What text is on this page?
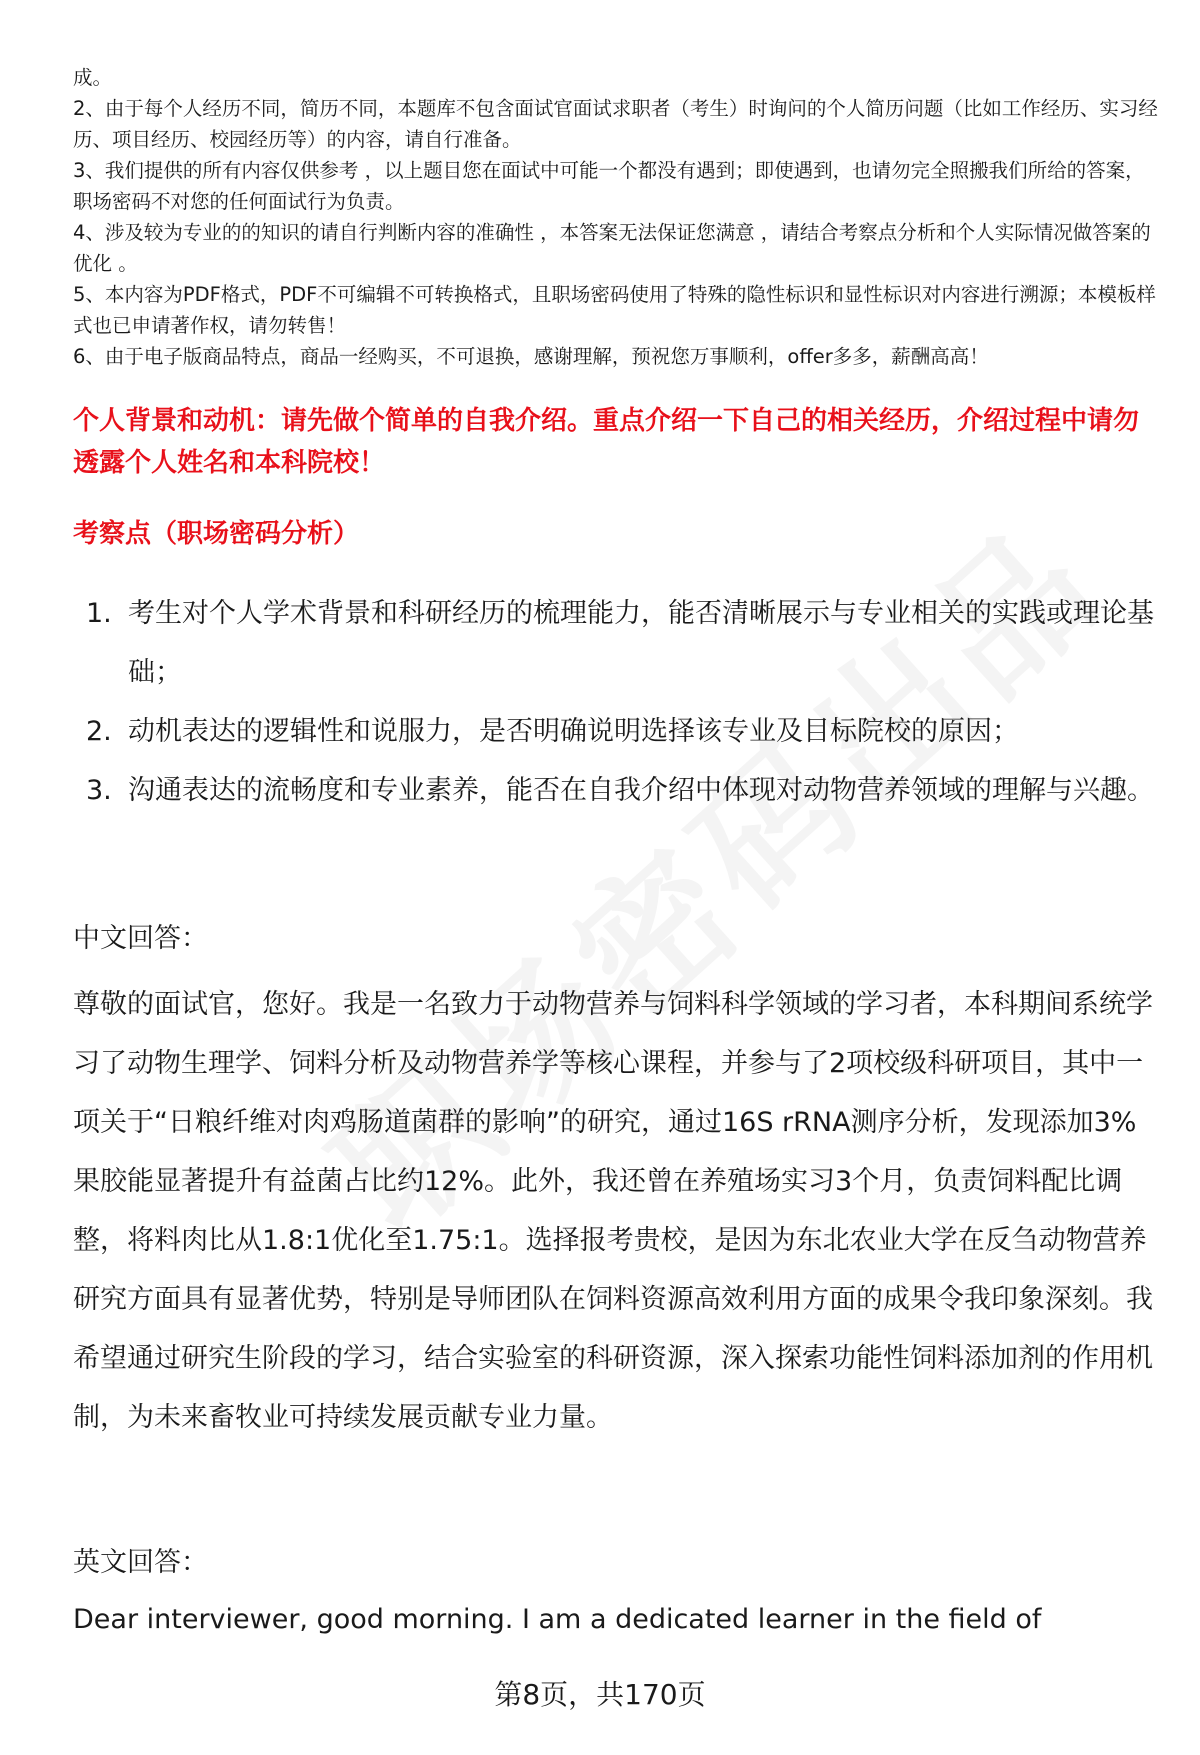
成。

2、由于每个人经历不同，简历不同，本题库不包含面试官面试求职者（考生）时询问的个人简历问题（比如工作经历、实习经历、项目经历、校园经历等）的内容，请自行准备。

3、我们提供的所有内容仅供参考 ，以上题目您在面试中可能一个都没有遇到；即使遇到，也请勿完全照搬我们所给的答案，职场密码不对您的任何面试行为负责。

4、涉及较为专业的的知识的请自行判断内容的准确性 ，本答案无法保证您满意 ，请结合考察点分析和个人实际情况做答案的优化 。

5、本内容为PDF格式，PDF不可编辑不可转换格式，且职场密码使用了特殊的隐性标识和显性标识对内容进行溯源；本模板样式也已申请著作权，请勿转售！

6、由于电子版商品特点，商品一经购买，不可退换，感谢理解，预祝您万事顺利，offer多多，薪酬高高！

个人背景和动机：请先做个简单的自我介绍。重点介绍一下自己的相关经历，介绍过程中请勿透露个人姓名和本科院校！
考察点（职场密码分析）
1. 考生对个人学术背景和科研经历的梳理能力，能否清晰展示与专业相关的实践或理论基础；
2. 动机表达的逻辑性和说服力，是否明确说明选择该专业及目标院校的原因；
3. 沟通表达的流畅度和专业素养，能否在自我介绍中体现对动物营养领域的理解与兴趣。

中文回答：

尊敬的面试官，您好。我是一名致力于动物营养与饲料科学领域的学习者，本科期间系统学习了动物生理学、饲料分析及动物营养学等核心课程，并参与了2项校级科研项目，其中一项关于“日粮纤维对肉鸡肠道菌群的影响”的研究，通过16S rRNA测序分析，发现添加3%果胶能显著提升有益菌占比约12%。此外，我还曾在养殖场实习3个月，负责饲料配比调整，将料肉比从1.8:1优化至1.75:1。选择报考贵校，是因为东北农业大学在反刍动物营养研究方面具有显著优势，特别是导师团队在饲料资源高效利用方面的成果令我印象深刻。我希望通过研究生阶段的学习，结合实验室的科研资源，深入探索功能性饲料添加剂的作用机制，为未来畜牧业可持续发展贡献专业力量。

英文回答：

Dear interviewer, good morning. I am a dedicated learner in the field of

第8页，共170页
